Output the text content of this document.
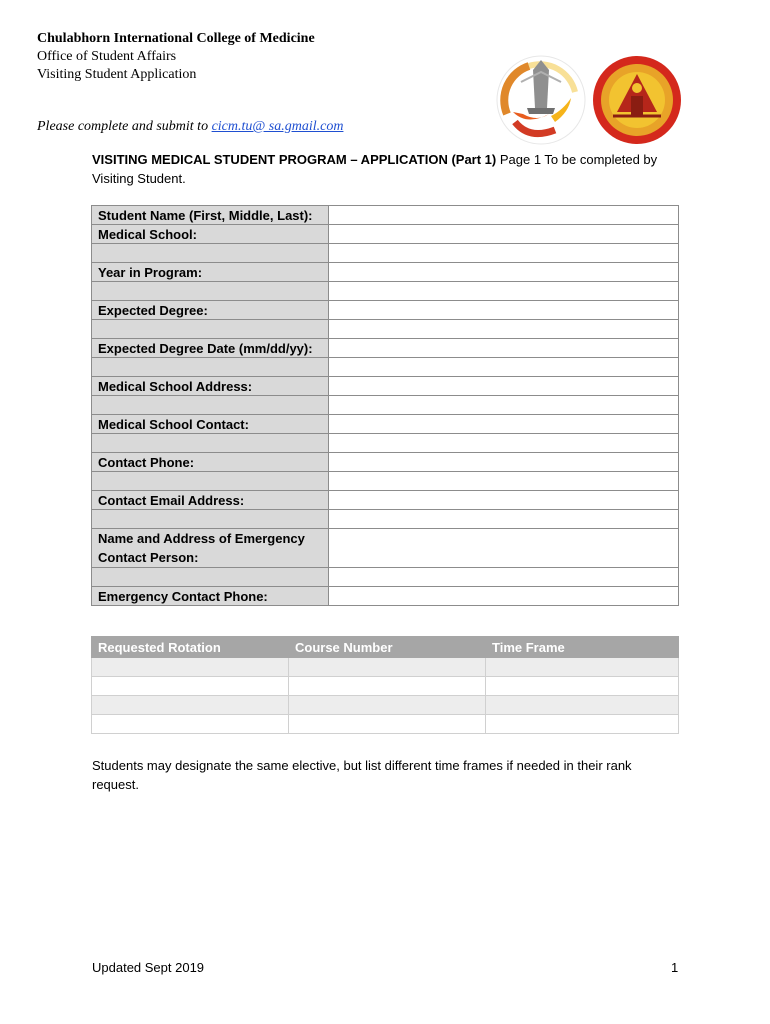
Chulabhorn International College of Medicine
Office of Student Affairs
Visiting Student Application
Please complete and submit to cicm.tu@ sa.gmail.com
VISITING MEDICAL STUDENT PROGRAM – APPLICATION (Part 1) Page 1 To be completed by Visiting Student.
Student Name (First, Middle, Last):	
Medical School:	

Year in Program:	

Expected Degree:	

Expected Degree Date (mm/dd/yy):	

Medical School Address:	

Medical School Contact:	

Contact Phone:	

Contact Email Address:	

Name and Address of Emergency
Contact Person:	

Emergency Contact Phone:	
Requested Rotation	Course Number	Time Frame

Students may designate the same elective, but list different time frames if needed in their rank request.
Updated Sept 2019	1
